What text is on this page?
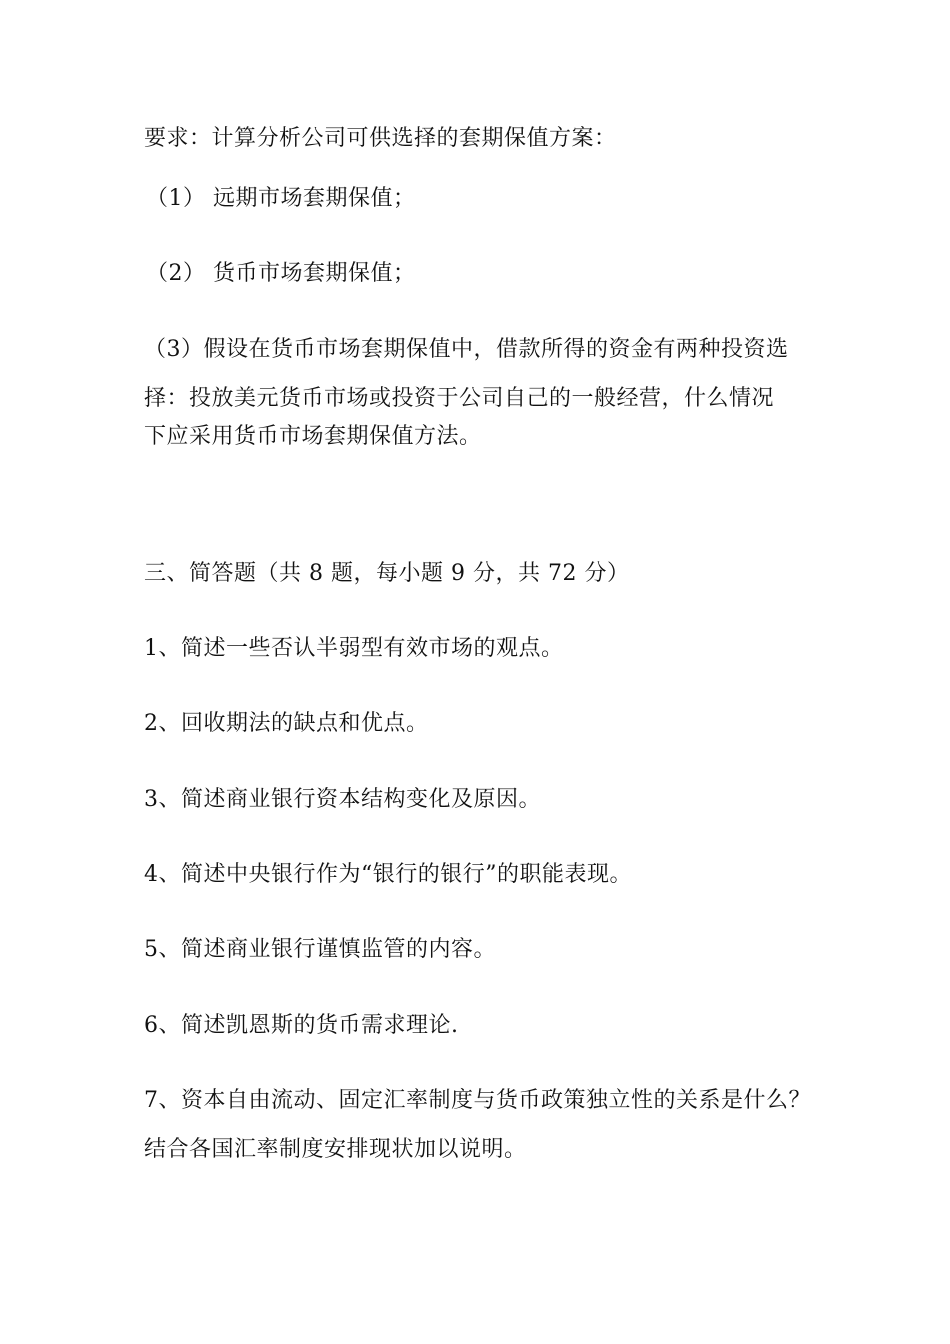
要求：计算分析公司可供选择的套期保值方案：
（1） 远期市场套期保值；
（2） 货币市场套期保值；
（3）假设在货币市场套期保值中，借款所得的资金有两种投资选
择：投放美元货币市场或投资于公司自己的一般经营，什么情况
下应采用货币市场套期保值方法。
三、简答题（共 8 题，每小题 9 分，共 72 分）
1、简述一些否认半弱型有效市场的观点。
2、回收期法的缺点和优点。
3、简述商业银行资本结构变化及原因。
4、简述中央银行作为“银行的银行”的职能表现。
5、简述商业银行谨慎监管的内容。
6、简述凯恩斯的货币需求理论.
7、资本自由流动、固定汇率制度与货币政策独立性的关系是什么？
结合各国汇率制度安排现状加以说明。
